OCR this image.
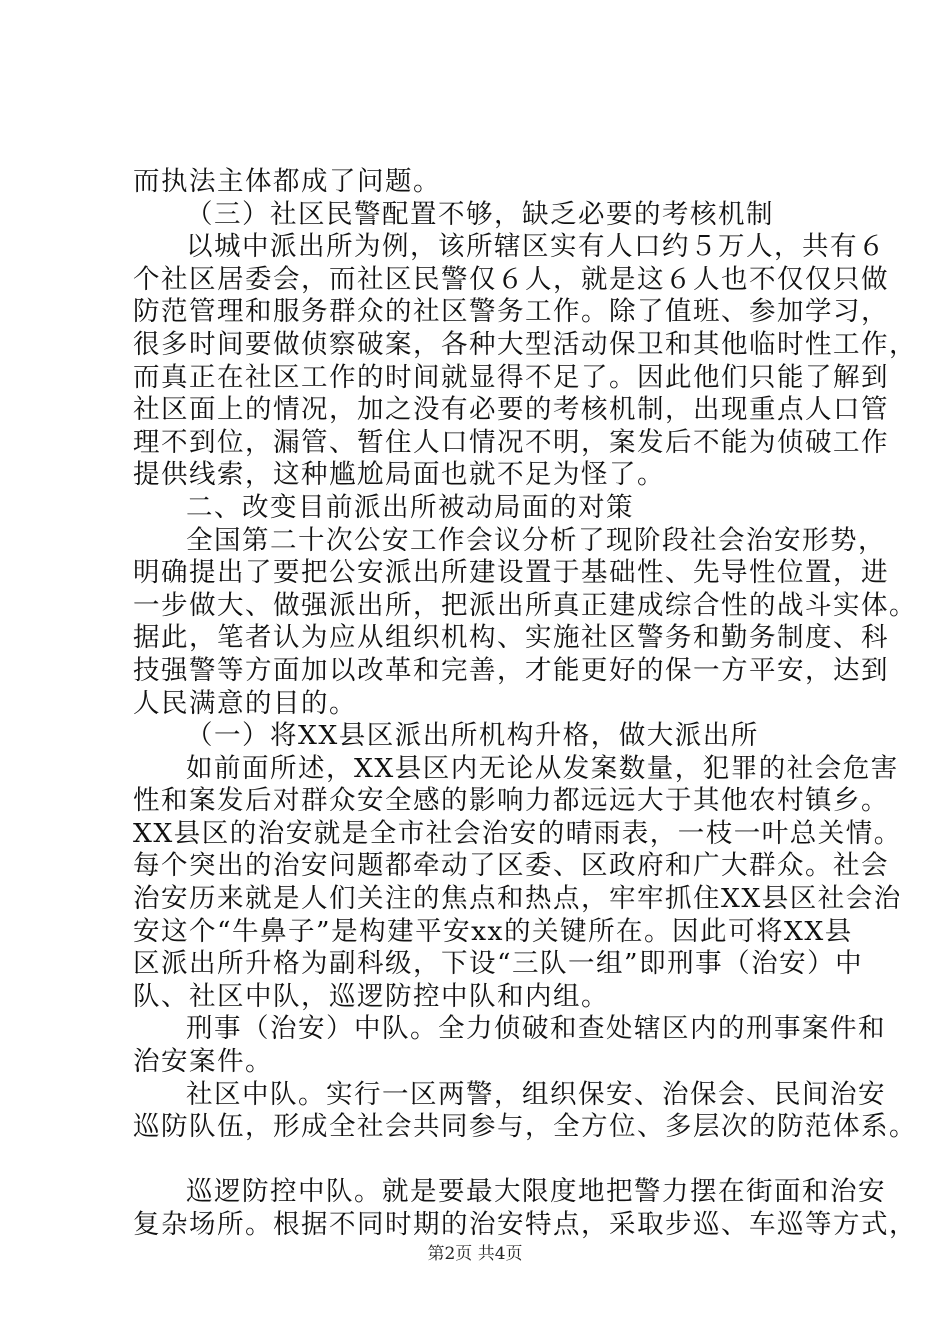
而执法主体都成了问题。
（三）社区民警配置不够，缺乏必要的考核机制
以城中派出所为例，该所辖区实有人口约５万人，共有６
个社区居委会，而社区民警仅６人，就是这６人也不仅仅只做
防范管理和服务群众的社区警务工作。除了值班、参加学习，
很多时间要做侦察破案，各种大型活动保卫和其他临时性工作，
而真正在社区工作的时间就显得不足了。因此他们只能了解到
社区面上的情况，加之没有必要的考核机制，出现重点人口管
理不到位，漏管、暂住人口情况不明，案发后不能为侦破工作
提供线索，这种尴尬局面也就不足为怪了。
二、改变目前派出所被动局面的对策
全国第二十次公安工作会议分析了现阶段社会治安形势，
明确提出了要把公安派出所建设置于基础性、先导性位置，进
一步做大、做强派出所，把派出所真正建成综合性的战斗实体。
据此，笔者认为应从组织机构、实施社区警务和勤务制度、科
技强警等方面加以改革和完善，才能更好的保一方平安，达到
人民满意的目的。
（一）将XX县区派出所机构升格，做大派出所
如前面所述，XX县区内无论从发案数量，犯罪的社会危害
性和案发后对群众安全感的影响力都远远大于其他农村镇乡。
XX县区的治安就是全市社会治安的晴雨表，一枝一叶总关情。
每个突出的治安问题都牵动了区委、区政府和广大群众。社会
治安历来就是人们关注的焦点和热点，牢牢抓住XX县区社会治
安这个“牛鼻子”是构建平安xx的关键所在。因此可将XX县
区派出所升格为副科级，下设“三队一组”即刑事（治安）中
队、社区中队，巡逻防控中队和内组。
刑事（治安）中队。全力侦破和查处辖区内的刑事案件和
治安案件。
社区中队。实行一区两警，组织保安、治保会、民间治安
巡防队伍，形成全社会共同参与，全方位、多层次的防范体系。
巡逻防控中队。就是要最大限度地把警力摆在街面和治安
复杂场所。根据不同时期的治安特点，采取步巡、车巡等方式，
第2页 共4页
